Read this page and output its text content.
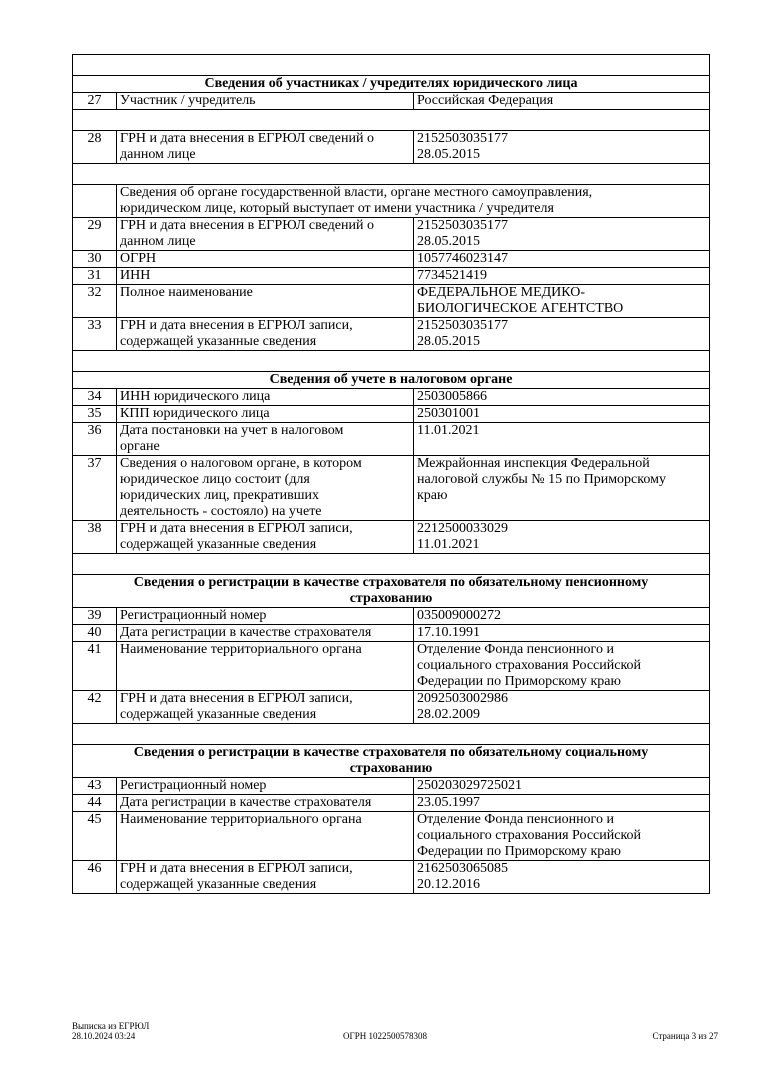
Сведения об участниках / учредителях юридического лица		

27	Участник / учредитель	Российская Федерация

28	ГРН и дата внесения в ЕГРЮЛ сведений о
данном лице	2152503035177
28.05.2015

	Сведения об органе государственной власти, органе местного самоуправления,
юридическом лице, который выступает от имени участника / учредителя	

29	ГРН и дата внесения в ЕГРЮЛ сведений о
данном лице	2152503035177
28.05.2015

30	ОГРН	1057746023147

31	ИНН	7734521419

32	Полное наименование	ФЕДЕРАЛЬНОЕ МЕДИКО-
БИОЛОГИЧЕСКОЕ АГЕНТСТВО

33	ГРН и дата внесения в ЕГРЮЛ записи,
содержащей указанные сведения	2152503035177
28.05.2015

Сведения об учете в налоговом органе		

34	ИНН юридического лица	2503005866

35	КПП юридического лица	250301001

36	Дата постановки на учет в налоговом
органе	11.01.2021

37	Сведения о налоговом органе, в котором
юридическое лицо состоит (для
юридических лиц, прекративших
деятельность - состояло) на учете	Межрайонная инспекция Федеральной
налоговой службы № 15 по Приморскому
краю

38	ГРН и дата внесения в ЕГРЮЛ записи,
содержащей указанные сведения	2212500033029
11.01.2021

Сведения о регистрации в качестве страхователя по обязательному пенсионному
страхованию		

39	Регистрационный номер	035009000272

40	Дата регистрации в качестве страхователя	17.10.1991

41	Наименование территориального органа	Отделение Фонда пенсионного и
социального страхования Российской
Федерации по Приморскому краю

42	ГРН и дата внесения в ЕГРЮЛ записи,
содержащей указанные сведения	2092503002986
28.02.2009

Сведения о регистрации в качестве страхователя по обязательному социальному
страхованию		

43	Регистрационный номер	250203029725021

44	Дата регистрации в качестве страхователя	23.05.1997

45	Наименование территориального органа	Отделение Фонда пенсионного и
социального страхования Российской
Федерации по Приморскому краю

46	ГРН и дата внесения в ЕГРЮЛ записи,
содержащей указанные сведения	2162503065085
20.12.2016
Выписка из ЕГРЮЛ
28.10.2024 03:24	ОГРН 1022500578308	Страница 3 из 27
